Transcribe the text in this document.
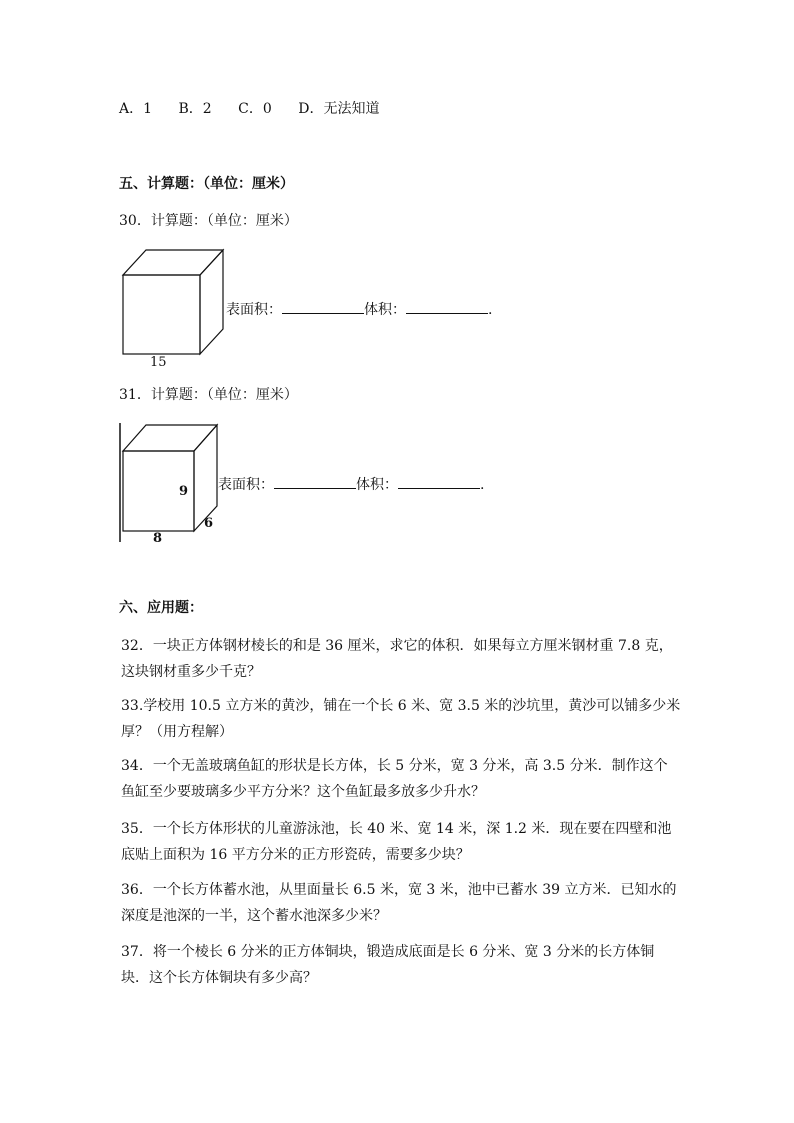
A．1 B．2 C．0 D．无法知道
五、计算题：（单位：厘米）
30．计算题：（单位：厘米）
15
表面积：	体积：	.
31．计算题：（单位：厘米）
9
6
8
表面积：	体积：	.
六、应用题：
32．一块正方体钢材棱长的和是 36 厘米，求它的体积．如果每立方厘米钢材重 7.8 克，这块钢材重多少千克？
33.学校用 10.5 立方米的黄沙，铺在一个长 6 米、宽 3.5 米的沙坑里，黄沙可以铺多少米厚？（用方程解）
34．一个无盖玻璃鱼缸的形状是长方体，长 5 分米，宽 3 分米，高 3.5 分米．制作这个鱼缸至少要玻璃多少平方分米？这个鱼缸最多放多少升水？
35．一个长方体形状的儿童游泳池，长 40 米、宽 14 米，深 1.2 米．现在要在四壁和池底贴上面积为 16 平方分米的正方形瓷砖，需要多少块？
36．一个长方体蓄水池，从里面量长 6.5 米，宽 3 米，池中已蓄水 39 立方米．已知水的深度是池深的一半，这个蓄水池深多少米？
37．将一个棱长 6 分米的正方体铜块，锻造成底面是长 6 分米、宽 3 分米的长方体铜块．这个长方体铜块有多少高？
